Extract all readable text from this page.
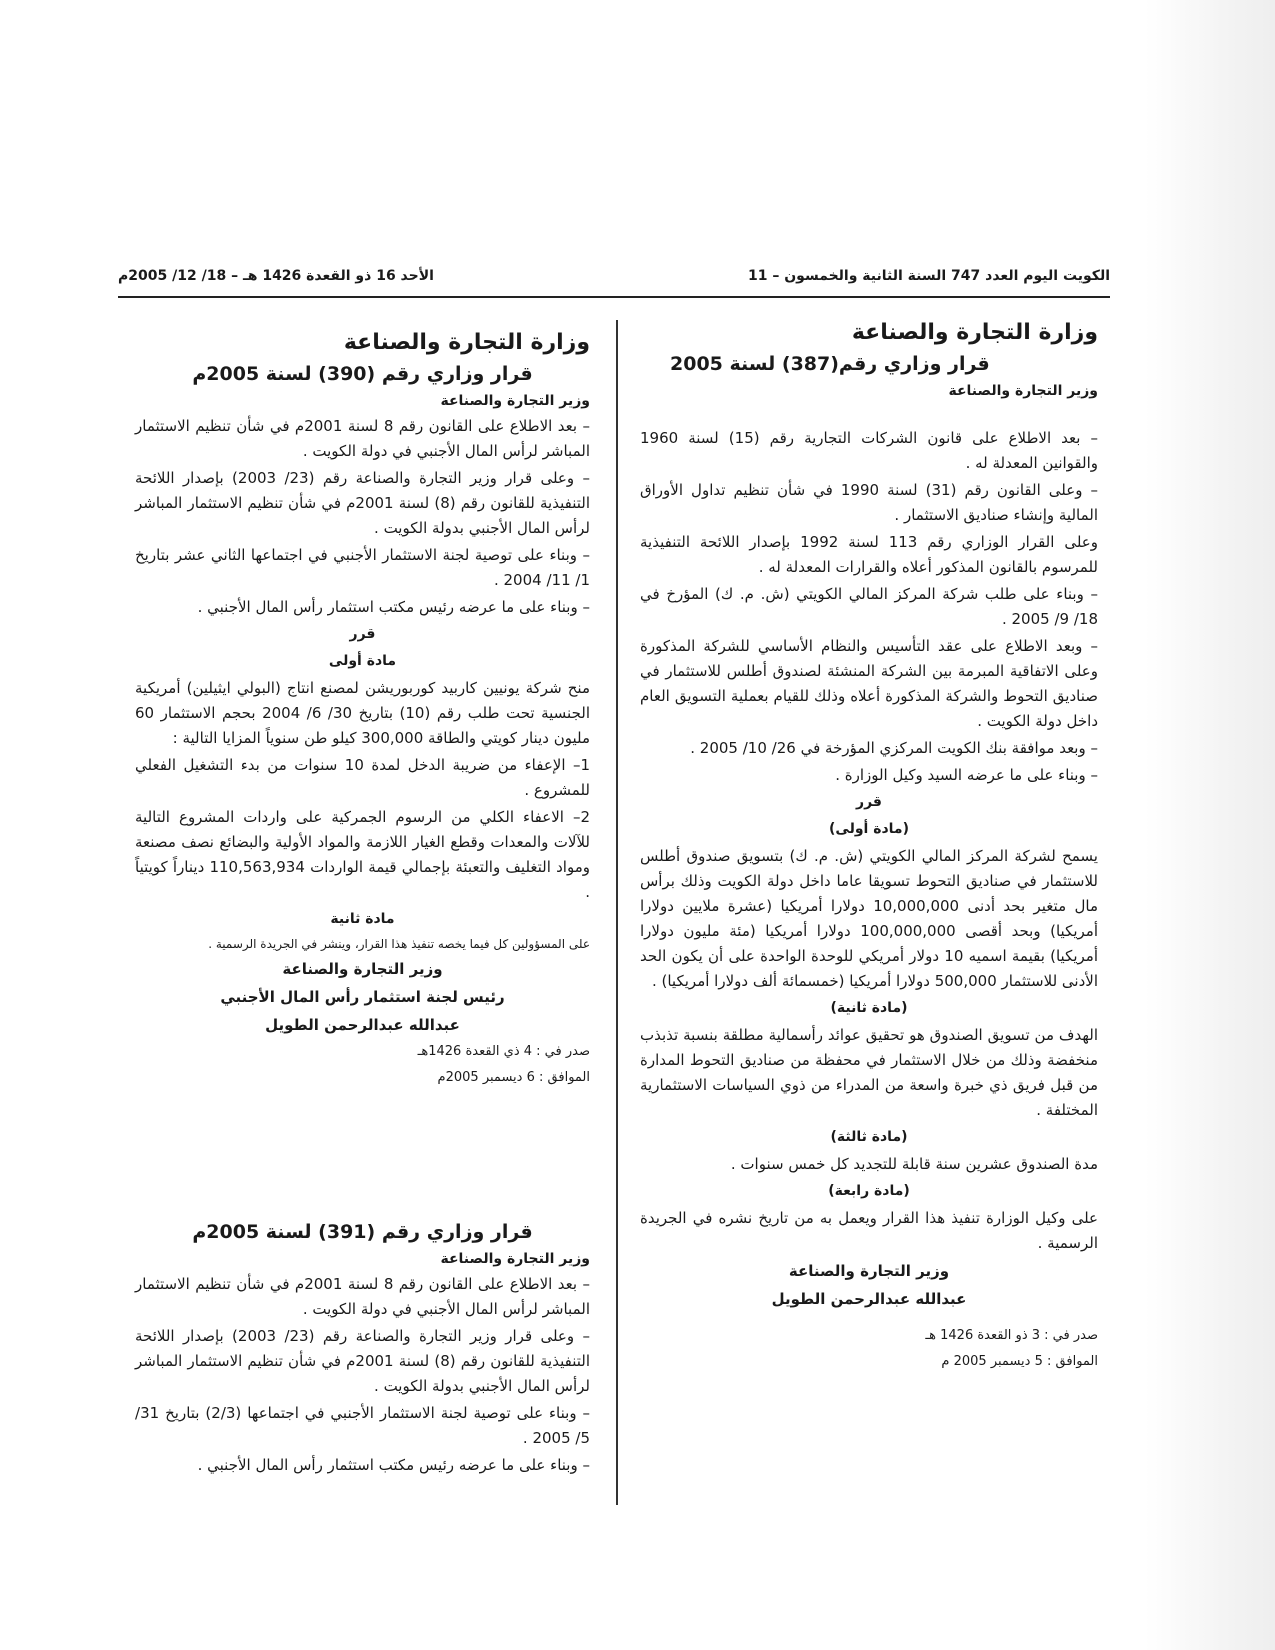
الكويت اليوم العدد 747 السنة الثانية والخمسون – 11
الأحد 16 ذو القعدة 1426 هـ – 18/ 12/ 2005م

وزارة التجارة والصناعة

قرار وزاري رقم(387) لسنة 2005

وزير التجارة والصناعة

– بعد الاطلاع على قانون الشركات التجارية رقم (15) لسنة 1960 والقوانين المعدلة له .

– وعلى القانون رقم (31) لسنة 1990 في شأن تنظيم تداول الأوراق المالية وإنشاء صناديق الاستثمار .

وعلى القرار الوزاري رقم 113 لسنة 1992 بإصدار اللائحة التنفيذية للمرسوم بالقانون المذكور أعلاه والقرارات المعدلة له .

– وبناء على طلب شركة المركز المالي الكويتي (ش. م. ك) المؤرخ في 18/ 9/ 2005 .

– وبعد الاطلاع على عقد التأسيس والنظام الأساسي للشركة المذكورة وعلى الاتفاقية المبرمة بين الشركة المنشئة لصندوق أطلس للاستثمار في صناديق التحوط والشركة المذكورة أعلاه وذلك للقيام بعملية التسويق العام داخل دولة الكويت .

– وبعد موافقة بنك الكويت المركزي المؤرخة في 26/ 10/ 2005 .

– وبناء على ما عرضه السيد وكيل الوزارة .

قرر

(مادة أولى)

يسمح لشركة المركز المالي الكويتي (ش. م. ك) بتسويق صندوق أطلس للاستثمار في صناديق التحوط تسويقا عاما داخل دولة الكويت وذلك برأس مال متغير بحد أدنى 10,000,000 دولارا أمريكيا (عشرة ملايين دولارا أمريكيا) وبحد أقصى 100,000,000 دولارا أمريكيا (مئة مليون دولارا أمريكيا) بقيمة اسميه 10 دولار أمريكي للوحدة الواحدة على أن يكون الحد الأدنى للاستثمار 500,000 دولارا أمريكيا (خمسمائة ألف دولارا أمريكيا) .

(مادة ثانية)

الهدف من تسويق الصندوق هو تحقيق عوائد رأسمالية مطلقة بنسبة تذبذب منخفضة وذلك من خلال الاستثمار في محفظة من صناديق التحوط المدارة من قبل فريق ذي خبرة واسعة من المدراء من ذوي السياسات الاستثمارية المختلفة .

(مادة ثالثة)

مدة الصندوق عشرين سنة قابلة للتجديد كل خمس سنوات .

(مادة رابعة)

على وكيل الوزارة تنفيذ هذا القرار ويعمل به من تاريخ نشره في الجريدة الرسمية .

وزير التجارة والصناعة

عبدالله عبدالرحمن الطويل

صدر في : 3 ذو القعدة 1426 هـ

الموافق : 5 ديسمبر 2005 م

وزارة التجارة والصناعة

قرار وزاري رقم (390) لسنة 2005م

وزير التجارة والصناعة

– بعد الاطلاع على القانون رقم 8 لسنة 2001م في شأن تنظيم الاستثمار المباشر لرأس المال الأجنبي في دولة الكويت .

– وعلى قرار وزير التجارة والصناعة رقم (23/ 2003) بإصدار اللائحة التنفيذية للقانون رقم (8) لسنة 2001م في شأن تنظيم الاستثمار المباشر لرأس المال الأجنبي بدولة الكويت .

– وبناء على توصية لجنة الاستثمار الأجنبي في اجتماعها الثاني عشر بتاريخ 1/ 11/ 2004 .

– وبناء على ما عرضه رئيس مكتب استثمار رأس المال الأجنبي .

قرر

مادة أولى

منح شركة يونيين كاربيد كوربوريشن لمصنع انتاج (البولي ايثيلين) أمريكية الجنسية تحت طلب رقم (10) بتاريخ 30/ 6/ 2004 بحجم الاستثمار 60 مليون دينار كويتي والطاقة 300,000 كيلو طن سنوياً المزايا التالية :

1– الإعفاء من ضريبة الدخل لمدة 10 سنوات من بدء التشغيل الفعلي للمشروع .

2– الاعفاء الكلي من الرسوم الجمركية على واردات المشروع التالية للآلات والمعدات وقطع الغيار اللازمة والمواد الأولية والبضائع نصف مصنعة ومواد التغليف والتعبئة بإجمالي قيمة الواردات 110,563,934 ديناراً كويتياً .

مادة ثانية

على المسؤولين كل فيما يخصه تنفيذ هذا القرار، وينشر في الجريدة الرسمية .

وزير التجارة والصناعة

رئيس لجنة استثمار رأس المال الأجنبي

عبدالله عبدالرحمن الطويل

صدر في : 4 ذي القعدة 1426هـ

الموافق : 6 ديسمبر 2005م

قرار وزاري رقم (391) لسنة 2005م

وزير التجارة والصناعة

– بعد الاطلاع على القانون رقم 8 لسنة 2001م في شأن تنظيم الاستثمار المباشر لرأس المال الأجنبي في دولة الكويت .

– وعلى قرار وزير التجارة والصناعة رقم (23/ 2003) بإصدار اللائحة التنفيذية للقانون رقم (8) لسنة 2001م في شأن تنظيم الاستثمار المباشر لرأس المال الأجنبي بدولة الكويت .

– وبناء على توصية لجنة الاستثمار الأجنبي في اجتماعها (2/3) بتاريخ 31/ 5/ 2005 .

– وبناء على ما عرضه رئيس مكتب استثمار رأس المال الأجنبي .
